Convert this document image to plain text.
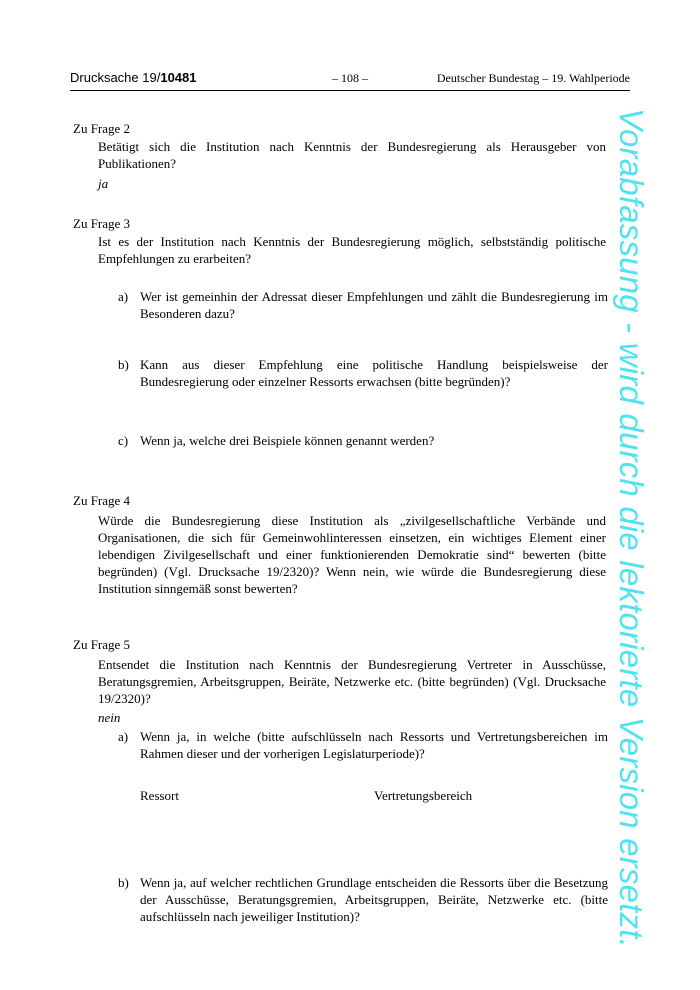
Drucksache 19/10481	– 108 –	Deutscher Bundestag – 19. Wahlperiode
Zu Frage 2
Betätigt sich die Institution nach Kenntnis der Bundesregierung als Herausgeber von Publikationen?
ja
Zu Frage 3
Ist es der Institution nach Kenntnis der Bundesregierung möglich, selbstständig politische Empfehlungen zu erarbeiten?
a) Wer ist gemeinhin der Adressat dieser Empfehlungen und zählt die Bundesregierung im Besonderen dazu?
b) Kann aus dieser Empfehlung eine politische Handlung beispielsweise der Bundesregierung oder einzelner Ressorts erwachsen (bitte begründen)?
c) Wenn ja, welche drei Beispiele können genannt werden?
Zu Frage 4
Würde die Bundesregierung diese Institution als „zivilgesellschaftliche Verbände und Organisationen, die sich für Gemeinwohlinteressen einsetzen, ein wichtiges Element einer lebendigen Zivilgesellschaft und einer funktionierenden Demokratie sind“ bewerten (bitte begründen) (Vgl. Drucksache 19/2320)? Wenn nein, wie würde die Bundesregierung diese Institution sinngemäß sonst bewerten?
Zu Frage 5
Entsendet die Institution nach Kenntnis der Bundesregierung Vertreter in Ausschüsse, Beratungsgremien, Arbeitsgruppen, Beiräte, Netzwerke etc. (bitte begründen) (Vgl. Drucksache 19/2320)?
nein
a) Wenn ja, in welche (bitte aufschlüsseln nach Ressorts und Vertretungsbereichen im Rahmen dieser und der vorherigen Legislaturperiode)?
Ressort	Vertretungsbereich
b) Wenn ja, auf welcher rechtlichen Grundlage entscheiden die Ressorts über die Besetzung der Ausschüsse, Beratungsgremien, Arbeitsgruppen, Beiräte, Netzwerke etc. (bitte aufschlüsseln nach jeweiliger Institution)?	Vorabfassung - wird durch die lektorierte Version ersetzt.
